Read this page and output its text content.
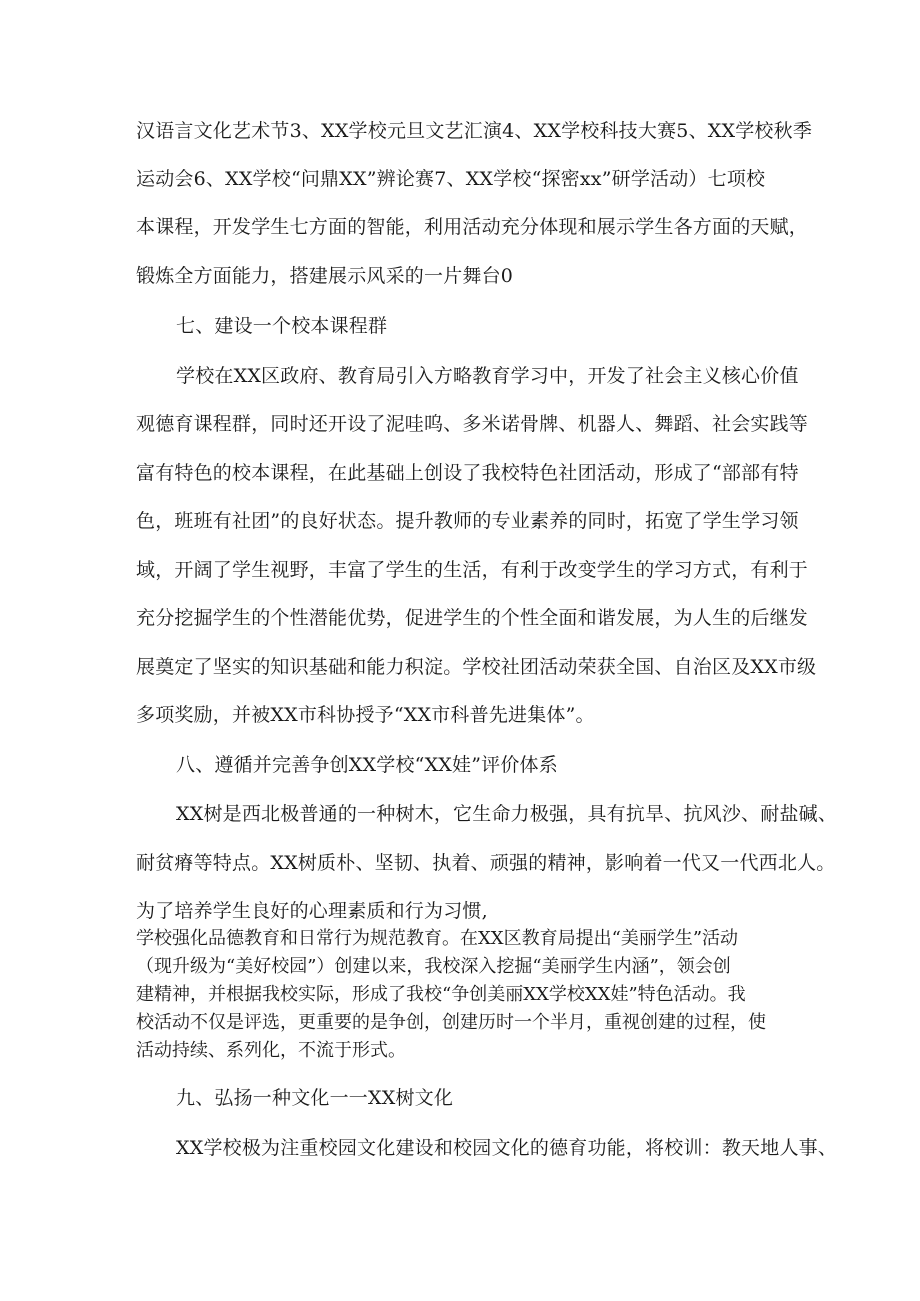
汉语言文化艺术节3、XX学校元旦文艺汇演4、XX学校科技大赛5、XX学校秋季
运动会6、XX学校“问鼎XX”辨论赛7、XX学校“探密xx”研学活动）七项校
本课程，开发学生七方面的智能，利用活动充分体现和展示学生各方面的天赋，
锻炼全方面能力，搭建展示风采的一片舞台0
七、建设一个校本课程群
学校在XX区政府、教育局引入方略教育学习中，开发了社会主义核心价值
观德育课程群，同时还开设了泥哇呜、多米诺骨牌、机器人、舞蹈、社会实践等
富有特色的校本课程，在此基础上创设了我校特色社团活动，形成了“部部有特
色，班班有社团”的良好状态。提升教师的专业素养的同时，拓宽了学生学习领
域，开阔了学生视野，丰富了学生的生活，有利于改变学生的学习方式，有利于
充分挖掘学生的个性潜能优势，促进学生的个性全面和谐发展，为人生的后继发
展奠定了坚实的知识基础和能力积淀。学校社团活动荣获全国、自治区及XX市级
多项奖励，并被XX市科协授予“XX市科普先进集体”。
八、遵循并完善争创XX学校“XX娃”评价体系
XX树是西北极普通的一种树木，它生命力极强，具有抗旱、抗风沙、耐盐碱、
耐贫瘠等特点。XX树质朴、坚韧、执着、顽强的精神，影响着一代又一代西北人。
为了培养学生良好的心理素质和行为习惯,
学校强化品德教育和日常行为规范教育。在XX区教育局提出“美丽学生”活动
（现升级为“美好校园”）创建以来，我校深入挖掘“美丽学生内涵”，领会创
建精神，并根据我校实际，形成了我校“争创美丽XX学校XX娃”特色活动。我
校活动不仅是评选，更重要的是争创，创建历时一个半月，重视创建的过程，使
活动持续、系列化，不流于形式。
九、弘扬一种文化一一XX树文化
XX学校极为注重校园文化建设和校园文化的德育功能，将校训：教天地人事、
